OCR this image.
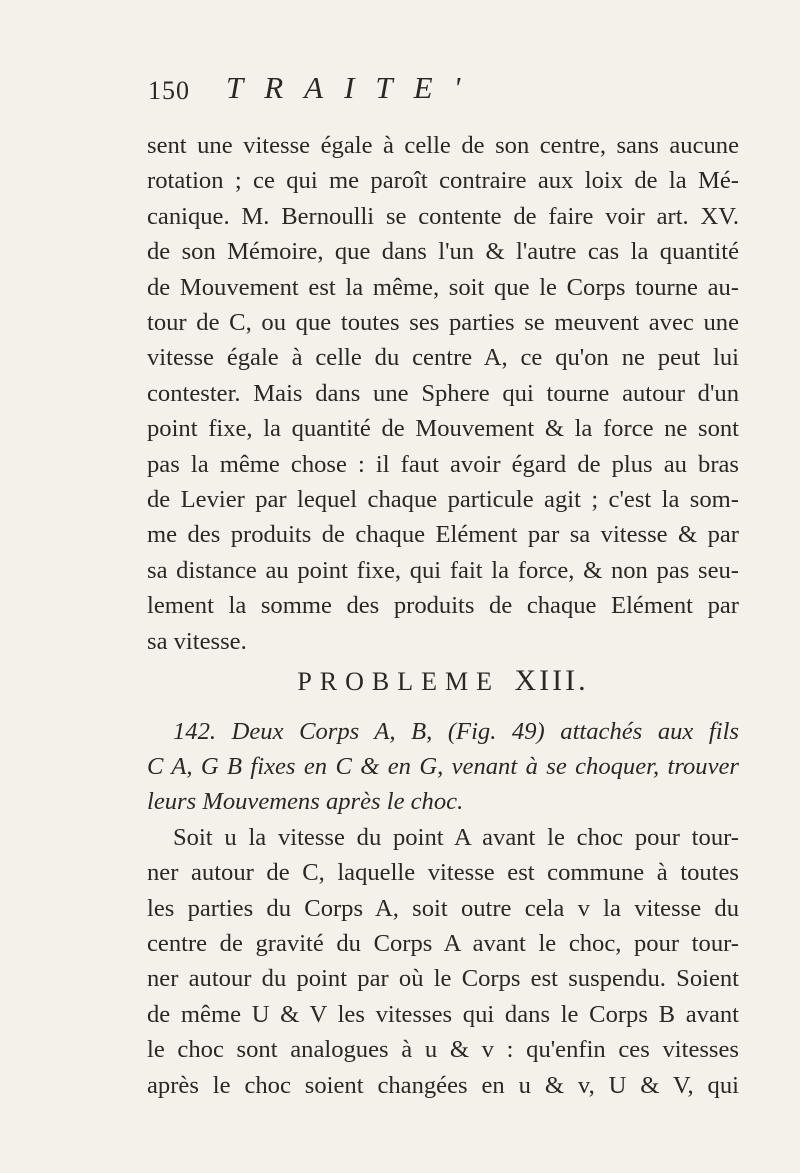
150 TRAITE'
sent une vitesse égale à celle de son centre, sans aucune
rotation ; ce qui me paroît contraire aux loix de la Mé-
canique. M. Bernoulli se contente de faire voir art. XV.
de son Mémoire, que dans l'un & l'autre cas la quantité
de Mouvement est la même, soit que le Corps tourne au-
tour de C, ou que toutes ses parties se meuvent avec une
vitesse égale à celle du centre A, ce qu'on ne peut lui
contester. Mais dans une Sphere qui tourne autour d'un
point fixe, la quantité de Mouvement & la force ne sont
pas la même chose : il faut avoir égard de plus au bras
de Levier par lequel chaque particule agit ; c'est la som-
me des produits de chaque Elément par sa vitesse & par
sa distance au point fixe, qui fait la force, & non pas seu-
lement la somme des produits de chaque Elément par
sa vitesse.
PROBLEME XIII.
142. Deux Corps A, B, (Fig. 49) attachés aux fils
C A, G B fixes en C & en G, venant à se choquer, trouver
leurs Mouvemens après le choc.
Soit u la vitesse du point A avant le choc pour tour-
ner autour de C, laquelle vitesse est commune à toutes
les parties du Corps A, soit outre cela v la vitesse du
centre de gravité du Corps A avant le choc, pour tour-
ner autour du point par où le Corps est suspendu. Soient
de même U & V les vitesses qui dans le Corps B avant
le choc sont analogues à u & v : qu'enfin ces vitesses
après le choc soient changées en u & v, U & V, qui
